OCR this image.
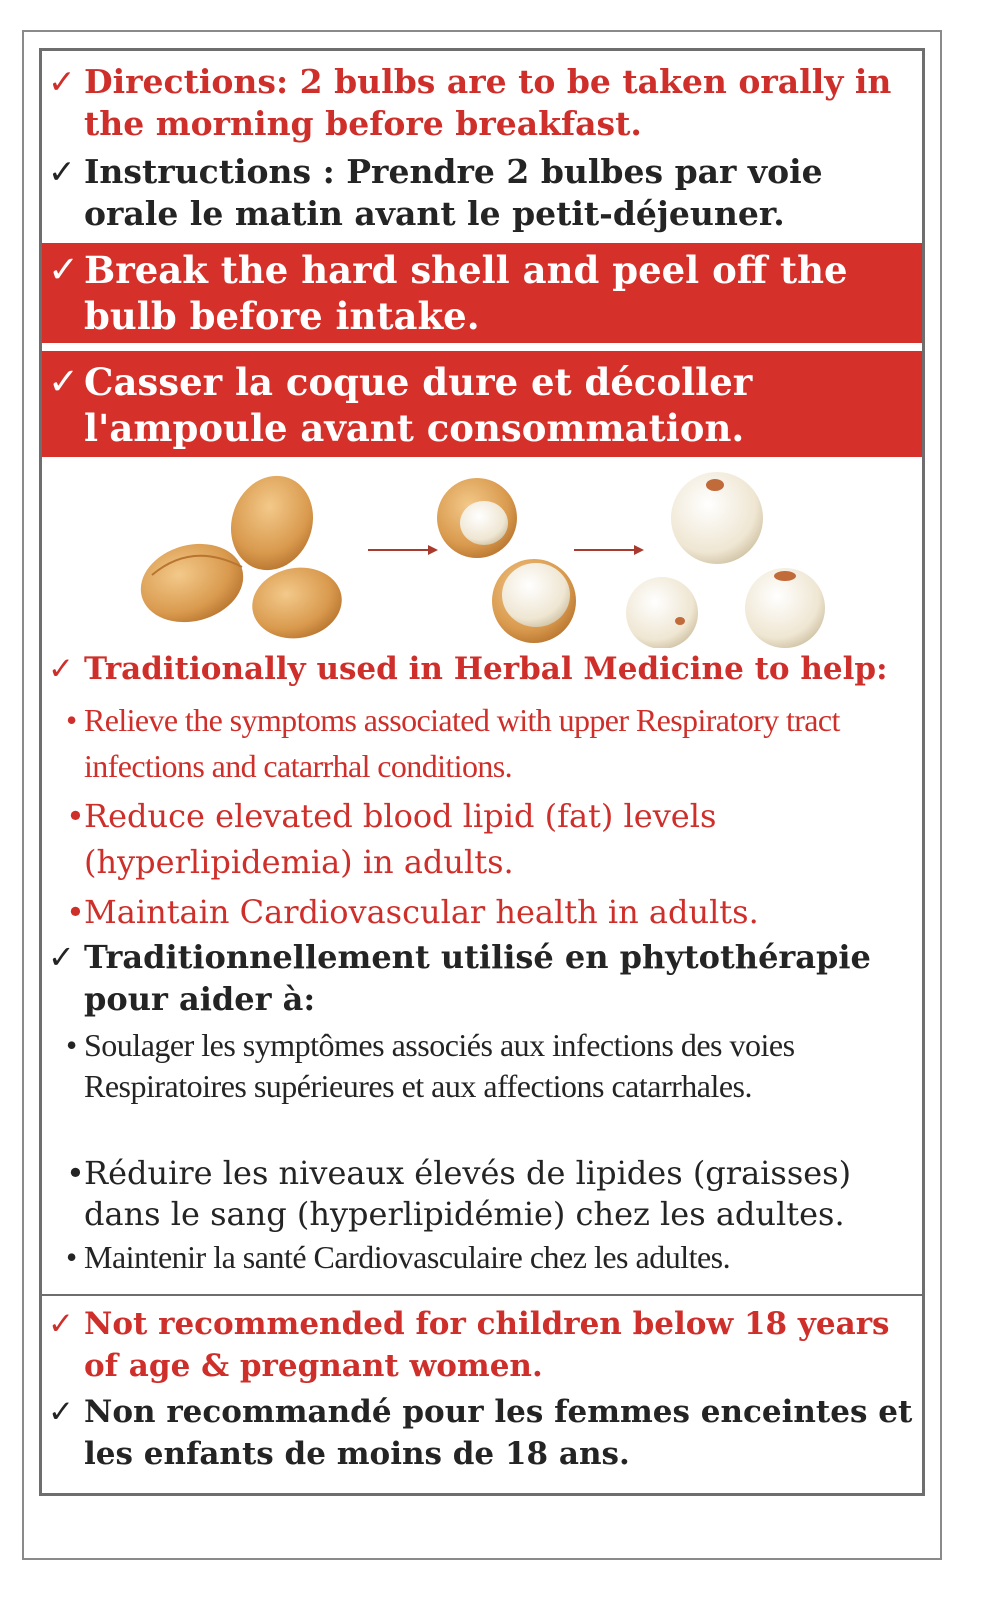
✓ Directions: 2 bulbs are to be taken orally in the morning before breakfast.
✓ Instructions : Prendre 2 bulbes par voie orale le matin avant le petit-déjeuner.
✓ Break the hard shell and peel off the bulb before intake.
✓ Casser la coque dure et décoller l'ampoule avant consommation.
✓ Traditionally used in Herbal Medicine to help:
• Relieve the symptoms associated with upper Respiratory tract infections and catarrhal conditions.
• Reduce elevated blood lipid (fat) levels (hyperlipidemia) in adults.
• Maintain Cardiovascular health in adults.
✓ Traditionnellement utilisé en phytothérapie pour aider à:
• Soulager les symptômes associés aux infections des voies Respiratoires supérieures et aux affections catarrhales.
• Réduire les niveaux élevés de lipides (graisses) dans le sang (hyperlipidémie) chez les adultes.
• Maintenir la santé Cardiovasculaire chez les adultes.
✓ Not recommended for children below 18 years of age & pregnant women.
✓ Non recommandé pour les femmes enceintes et les enfants de moins de 18 ans.
